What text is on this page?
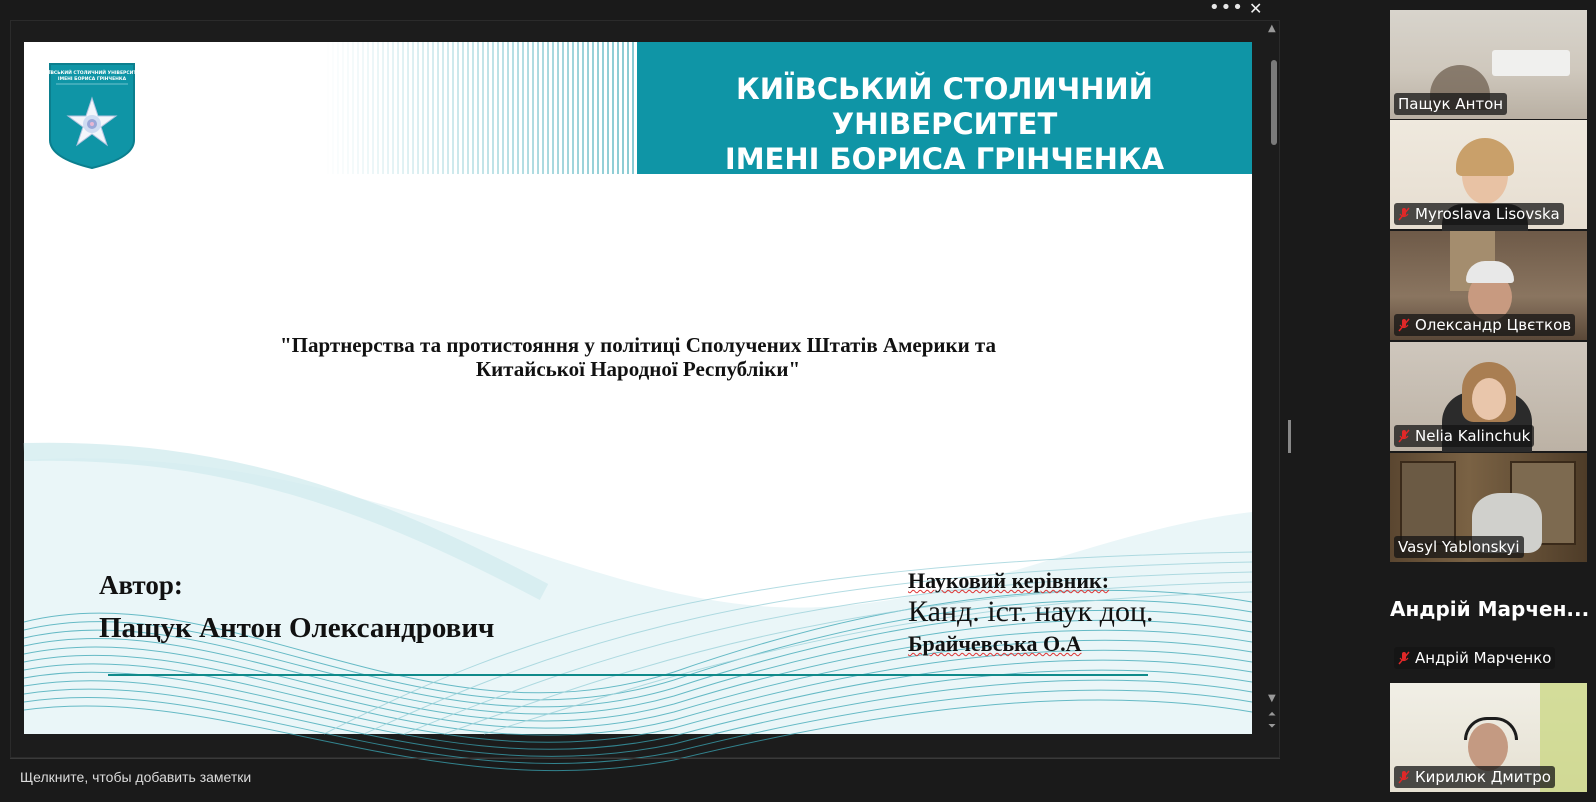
••• ✕
КИЇВСЬКИЙ СТОЛИЧНИЙ УНІВЕРСИТЕТ
ІМЕНІ БОРИСА ГРІНЧЕНКА
КИЇВСЬКИЙ СТОЛИЧНИЙ УНІВЕРСИТЕТ
ІМЕНІ БОРИСА ГРІНЧЕНКА
"Партнерства та протистояння у політиці Сполучених Штатів Америки та
Китайської Народної Республіки"
Автор:
Пащук Антон Олександрович
Науковий керівник:
Канд. іст. наук доц.
Брайчевська О.А
▲
▼
⏶
⏷
Щелкните, чтобы добавить заметки
Пащук Антон
Myroslava Lisovska
Олександр Цвєтков
Nelia Kalinchuk
Vasyl Yablonskyi
Андрій Марчен...
Андрій Марченко
Кирилюк Дмитро
